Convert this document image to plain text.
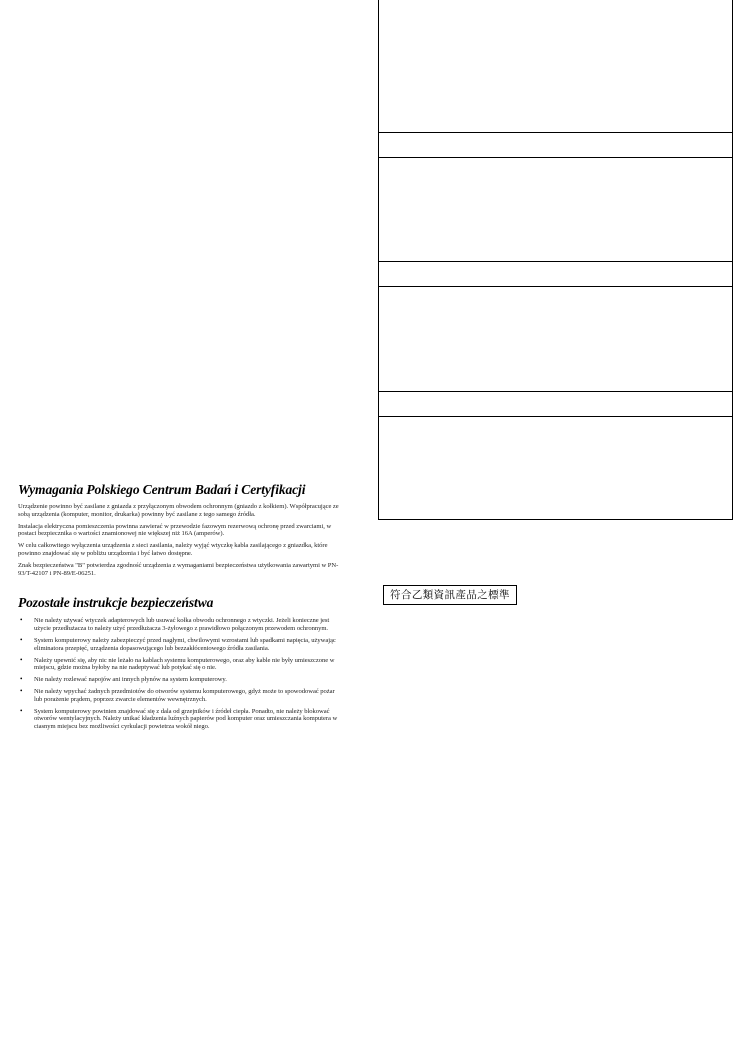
Wymagania Polskiego Centrum Badań i Certyfikacji

Urządzenie powinno być zasilane z gniazda z przyłączonym obwodem ochronnym (gniazdo z kołkiem). Współpracujące ze sobą urządzenia (komputer, monitor, drukarka) powinny być zasilane z tego samego źródła.

Instalacja elektryczna pomieszczenia powinna zawierać w przewodzie fazowym rezerwową ochronę przed zwarciami, w postaci bezpiecznika o wartości znamionowej nie większej niż 16A (amperów).

W celu całkowitego wyłączenia urządzenia z sieci zasilania, należy wyjąć wtyczkę kabla zasilającego z gniazdka, które powinno znajdować się w pobliżu urządzenia i być łatwo dostępne.

Znak bezpieczeństwa "B" potwierdza zgodność urządzenia z wymaganiami bezpieczeństwa użytkowania zawartymi w PN-93/T-42107 i PN-89/E-06251.

Pozostałe instrukcje bezpieczeństwa
• Nie należy używać wtyczek adapterowych lub usuwać kołka obwodu ochronnego z wtyczki. Jeżeli konieczne jest użycie przedłużacza to należy użyć przedłużacza 3-żyłowego z prawidłowo połączonym przewodem ochronnym.
• System komputerowy należy zabezpieczyć przed nagłymi, chwilowymi wzrostami lub spadkami napięcia, używając eliminatora przepięć, urządzenia dopasowującego lub bezzakłóceniowego źródła zasilania.
• Należy upewnić się, aby nic nie leżało na kablach systemu komputerowego, oraz aby kable nie były umieszczone w miejscu, gdzie można byłoby na nie nadeptywać lub potykać się o nie.
• Nie należy rozlewać napojów ani innych płynów na system komputerowy.
• Nie należy wpychać żadnych przedmiotów do otworów systemu komputerowego, gdyż może to spowodować pożar lub porażenie prądem, poprzez zwarcie elementów wewnętrznych.
• System komputerowy powinien znajdować się z dala od grzejników i źródeł ciepła. Ponadto, nie należy blokować otworów wentylacyjnych. Należy unikać kładzenia luźnych papierów pod komputer oraz umieszczania komputera w ciasnym miejscu bez możliwości cyrkulacji powietrza wokół niego.
符合乙類資訊產品之標準
